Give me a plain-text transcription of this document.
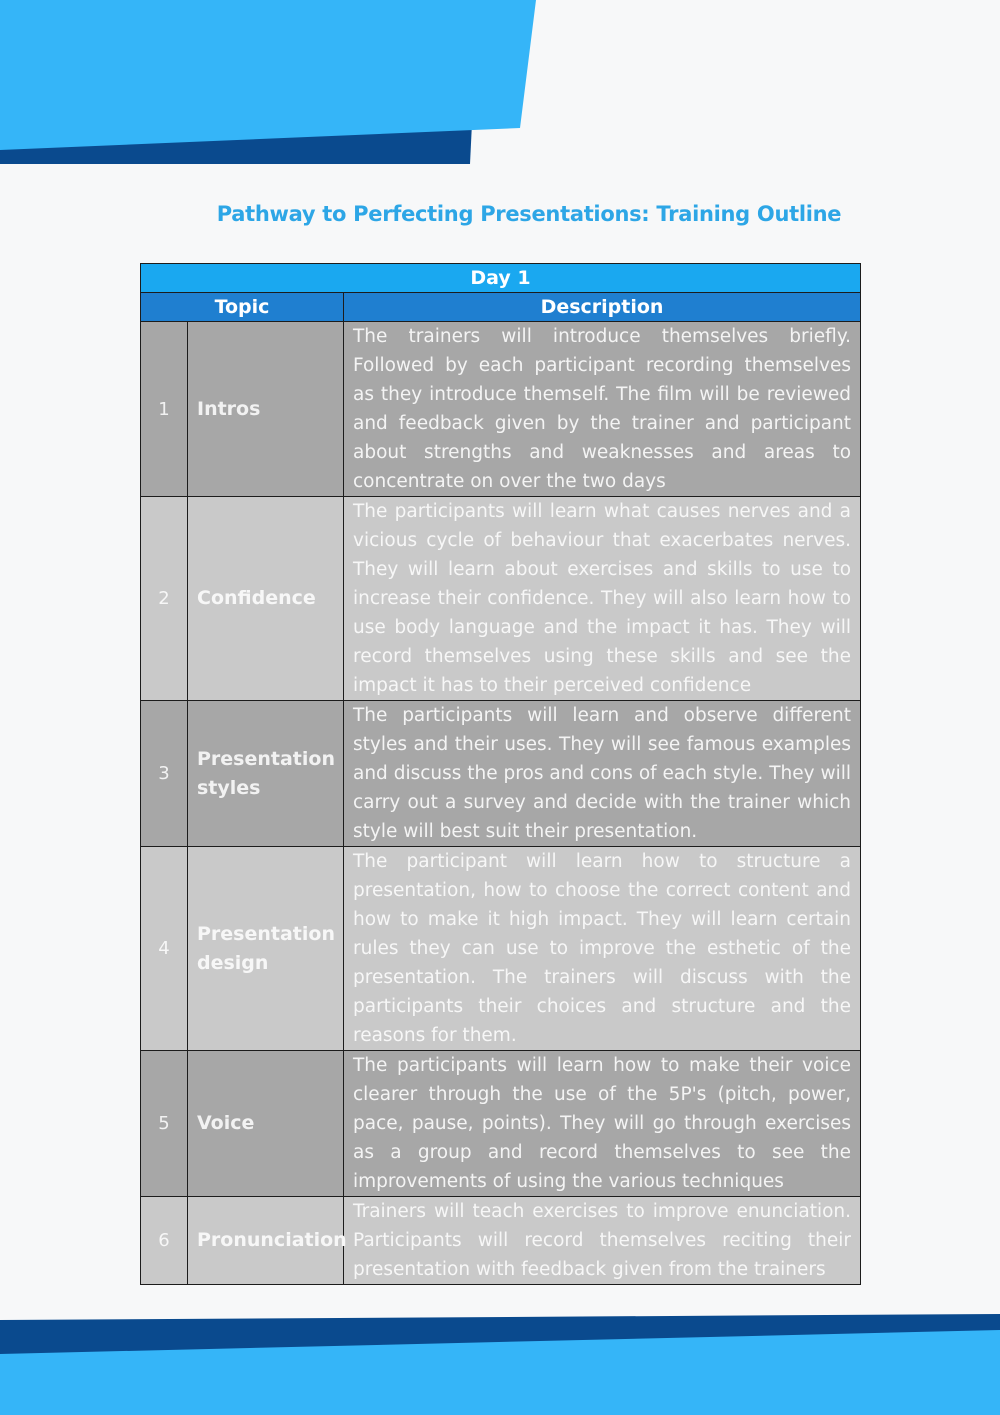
Pathway to Perfecting Presentations: Training Outline
Day 1		
Topic		Description
1	Intros	The trainers will introduce themselves briefly. Followed by each participant recording themselves as they introduce themself. The film will be reviewed and feedback given by the trainer and participant about strengths and weaknesses and areas to concentrate on over the two days
2	Confidence	The participants will learn what causes nerves and a vicious cycle of behaviour that exacerbates nerves. They will learn about exercises and skills to use to increase their confidence. They will also learn how to use body language and the impact it has. They will record themselves using these skills and see the impact it has to their perceived confidence
3	Presentation styles	The participants will learn and observe different styles and their uses. They will see famous examples and discuss the pros and cons of each style. They will carry out a survey and decide with the trainer which style will best suit their presentation.
4	Presentation design	The participant will learn how to structure a presentation, how to choose the correct content and how to make it high impact. They will learn certain rules they can use to improve the esthetic of the presentation. The trainers will discuss with the participants their choices and structure and the reasons for them.
5	Voice	The participants will learn how to make their voice clearer through the use of the 5P's (pitch, power, pace, pause, points). They will go through exercises as a group and record themselves to see the improvements of using the various techniques
6	Pronunciation	Trainers will teach exercises to improve enunciation. Participants will record themselves reciting their presentation with feedback given from the trainers
